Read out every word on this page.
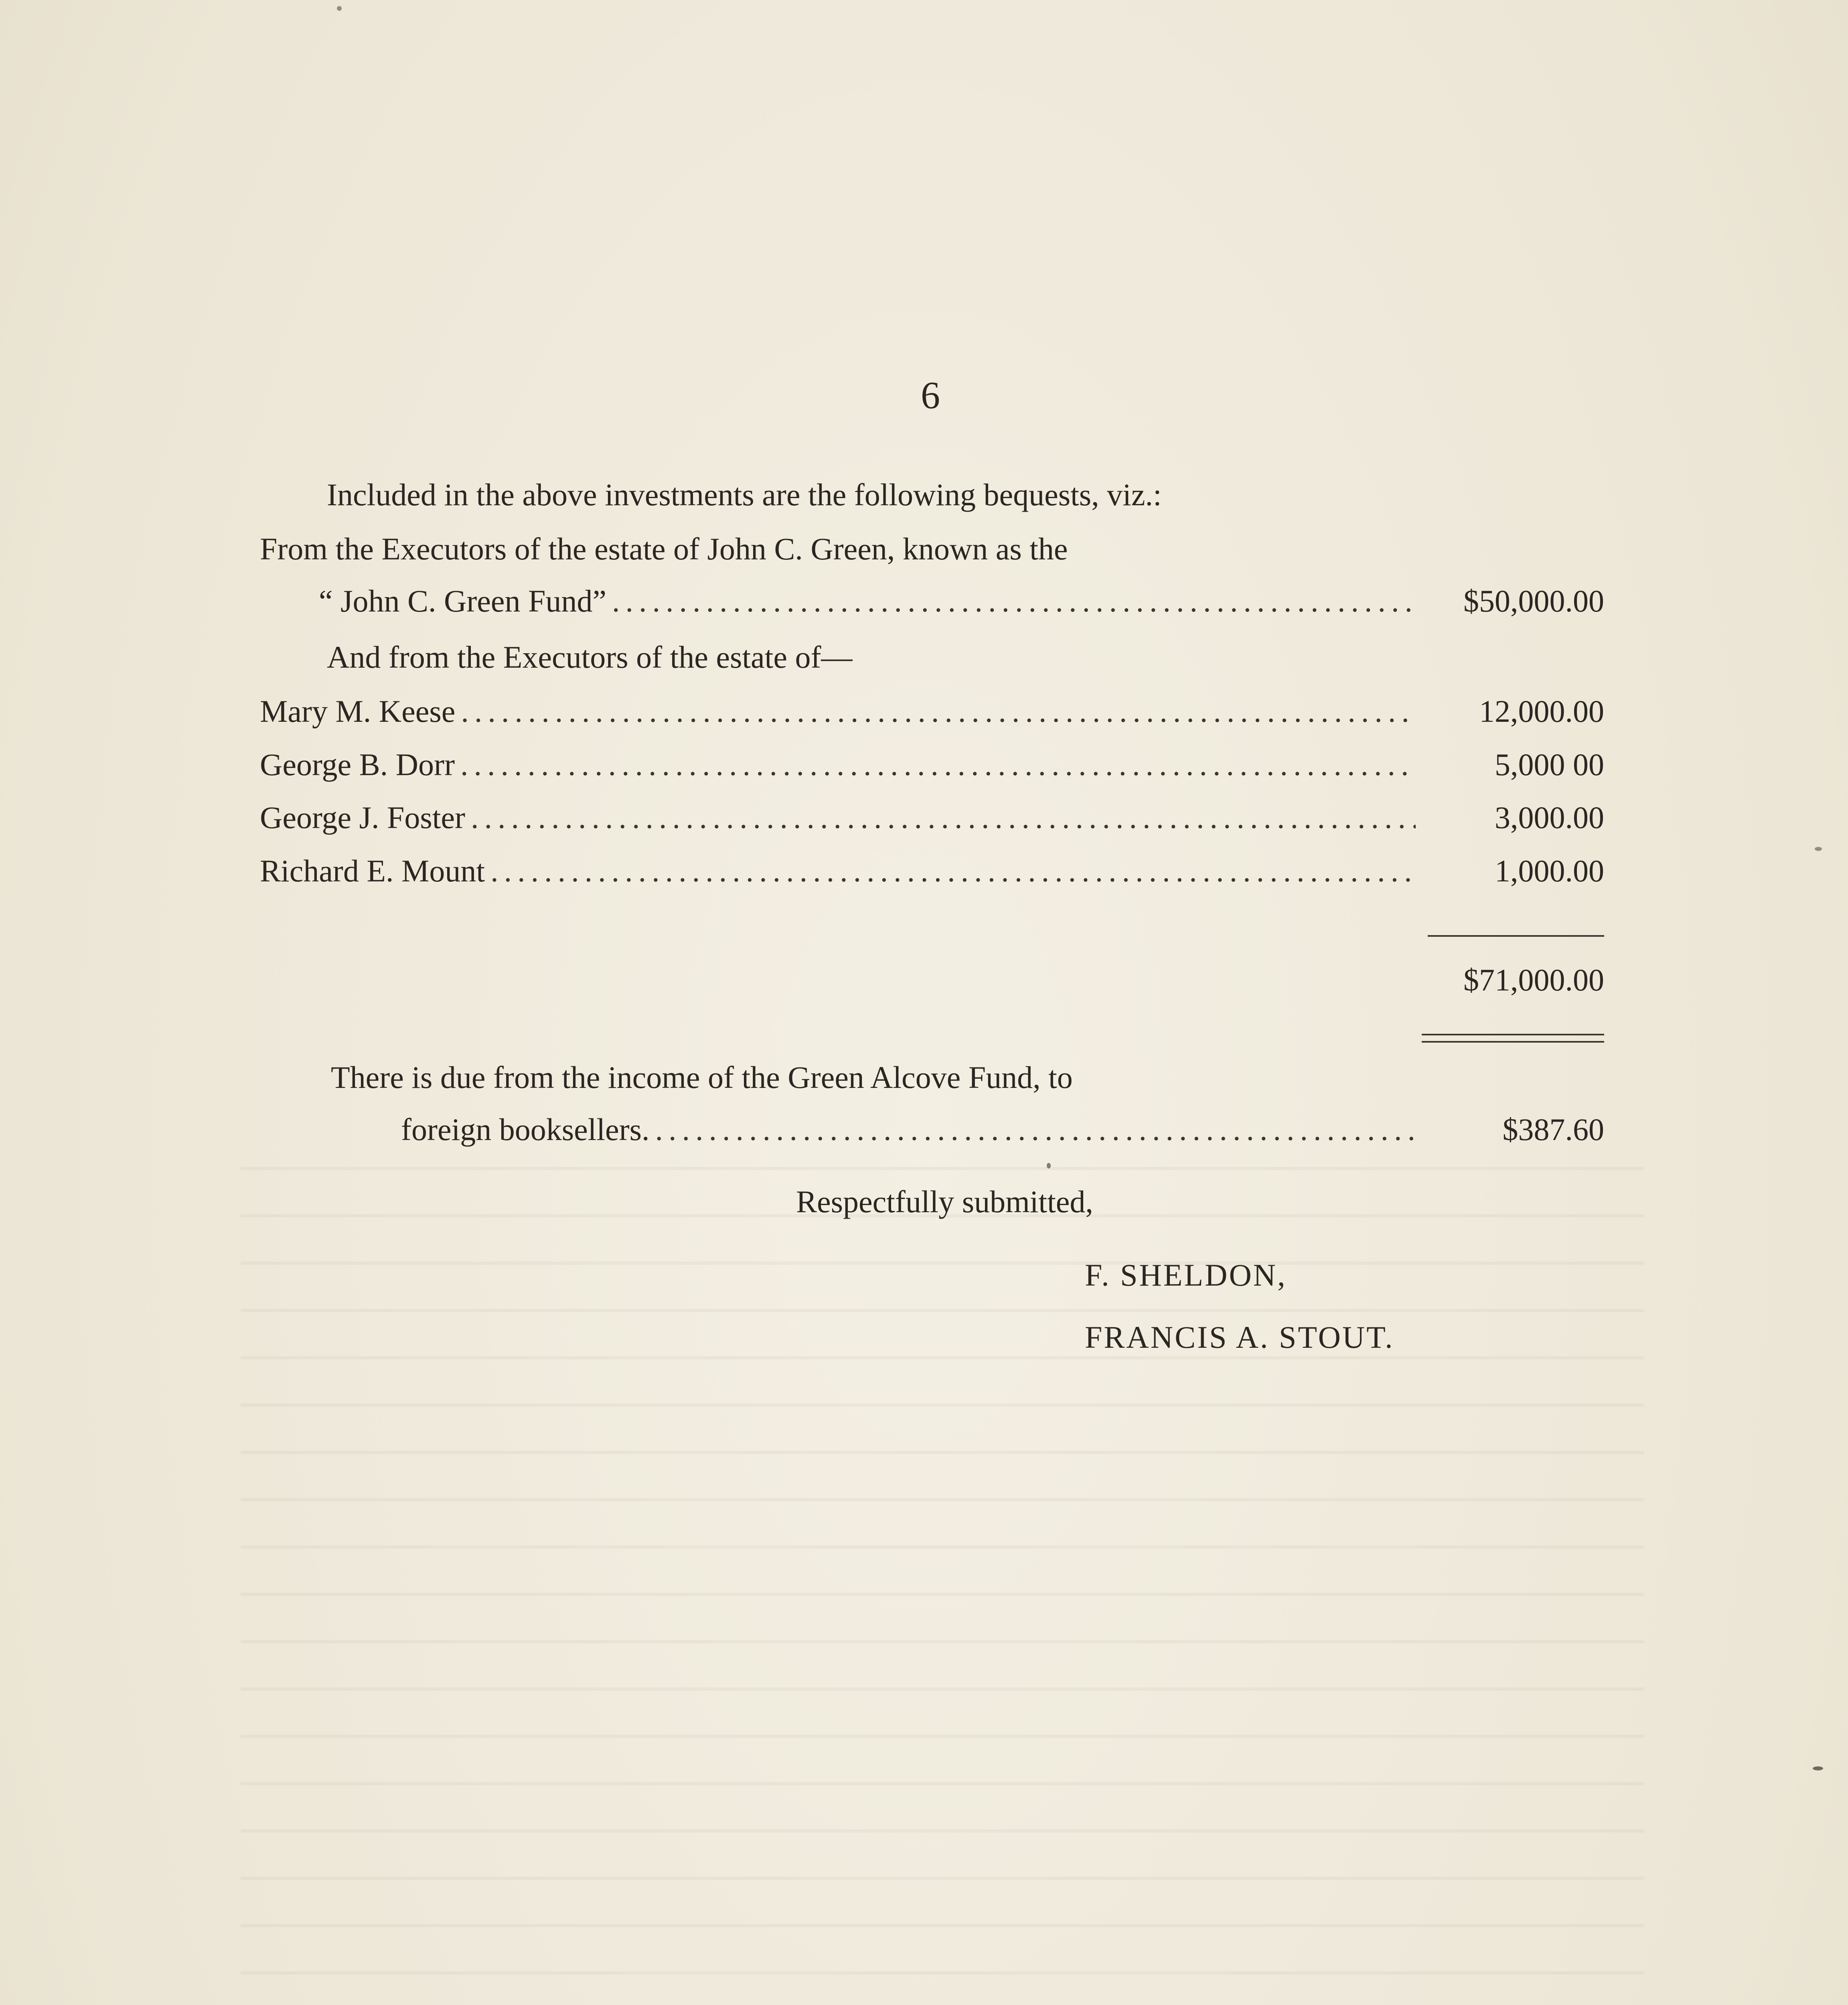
6
Included in the above investments are the following bequests, viz.:
From the Executors of the estate of John C. Green, known as the
“ John C. Green Fund” .....	$50,000.00
And from the Executors of the estate of—
Mary M. Keese .....	12,000.00
George B. Dorr .....	5,000 00
George J. Foster .....	3,000.00
Richard E. Mount .....	1,000.00
$71,000.00
There is due from the income of the Green Alcove Fund, to
foreign booksellers. .....	$387.60
Respectfully submitted,
F. SHELDON,
FRANCIS A. STOUT.
